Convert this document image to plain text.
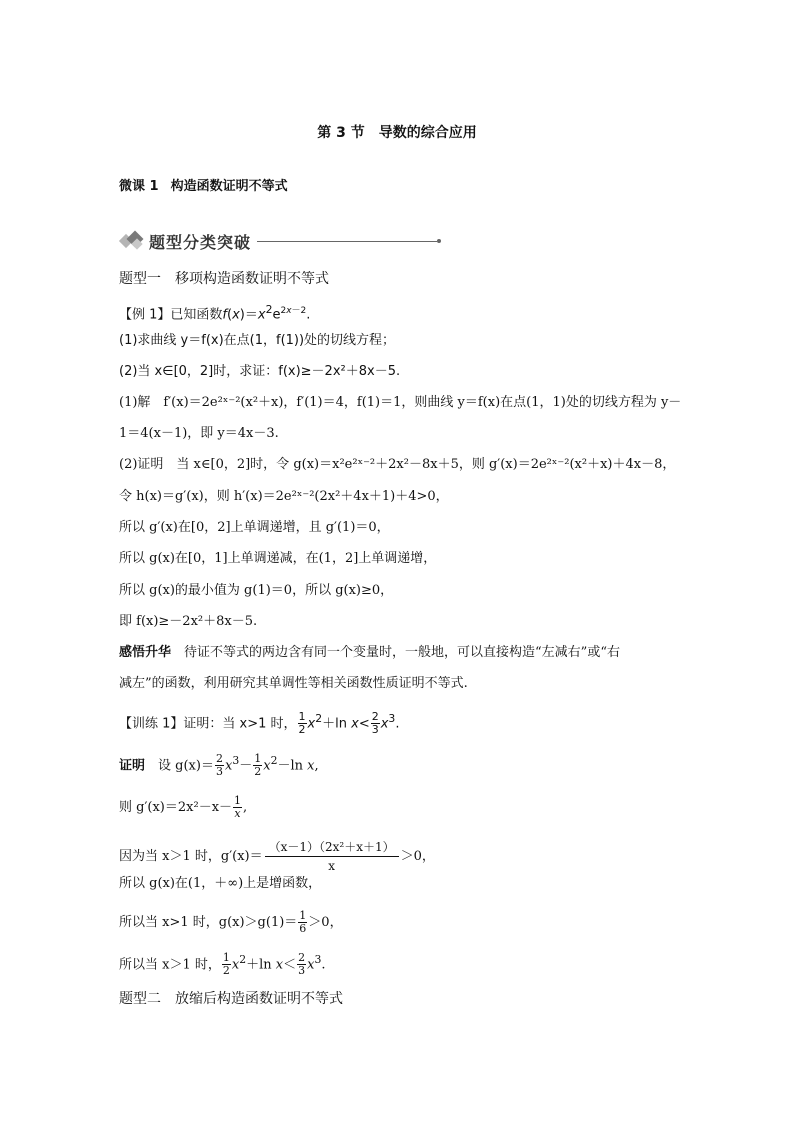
第 3 节 导数的综合应用
微课 1 构造函数证明不等式
题型分类突破
题型一　 移项构造函数证明不等式
【例 1】已知函数$f(x)=x^2e^{2x-2}$.
(1)求曲线 y＝f(x)在点(1，f(1))处的切线方程；
(2)当 x∈[0，2]时，求证：f(x)≥－2x²＋8x－5.
(1)解　f′(x)＝2e²ˣ⁻²(x²＋x)，f′(1)＝4，f(1)＝1，则曲线 y＝f(x)在点(1，1)处的切线方程为 y－
1＝4(x－1)，即 y＝4x－3.
(2)证明　当 x∈[0，2]时，令 g(x)＝x²e²ˣ⁻²＋2x²－8x＋5，则 g′(x)＝2e²ˣ⁻²(x²＋x)＋4x－8，
令 h(x)＝g′(x)，则 h′(x)＝2e²ˣ⁻²(2x²＋4x＋1)＋4>0，
所以 g′(x)在[0，2]上单调递增，且 g′(1)＝0，
所以 g(x)在[0，1]上单调递减，在(1，2]上单调递增，
所以 g(x)的最小值为 g(1)＝0，所以 g(x)≥0，
即 f(x)≥－2x²＋8x－5.
感悟升华　 待证不等式的两边含有同一个变量时，一般地，可以直接构造“左减右”或“右
减左”的函数，利用研究其单调性等相关函数性质证明不等式.
【训练 1】证明：当 x>1 时， $\frac{1}{2} x^2+\ln$ $x< \frac{2}{3} x^3$.
证明　 设 $g(x)= \frac{2}{3} x^3- \frac{1}{2} x^2-\ln$ x,
则 $g'(x)=2x^2-x- \frac{1}{x}$ ,
因为当 x＞1 时，$g'(x)= \frac{\text{（x－1）（2x²＋x＋1）}}{x} >0$，
所以 g(x)在(1，＋∞)上是增函数，
所以当 x>1 时，$g(x)>g(1)= \frac{1}{6} >0$，
所以当 x＞1 时， $\frac{1}{2} x^2+\ln$ $x< \frac{2}{3} x^3$.
题型二　 放缩后构造函数证明不等式
